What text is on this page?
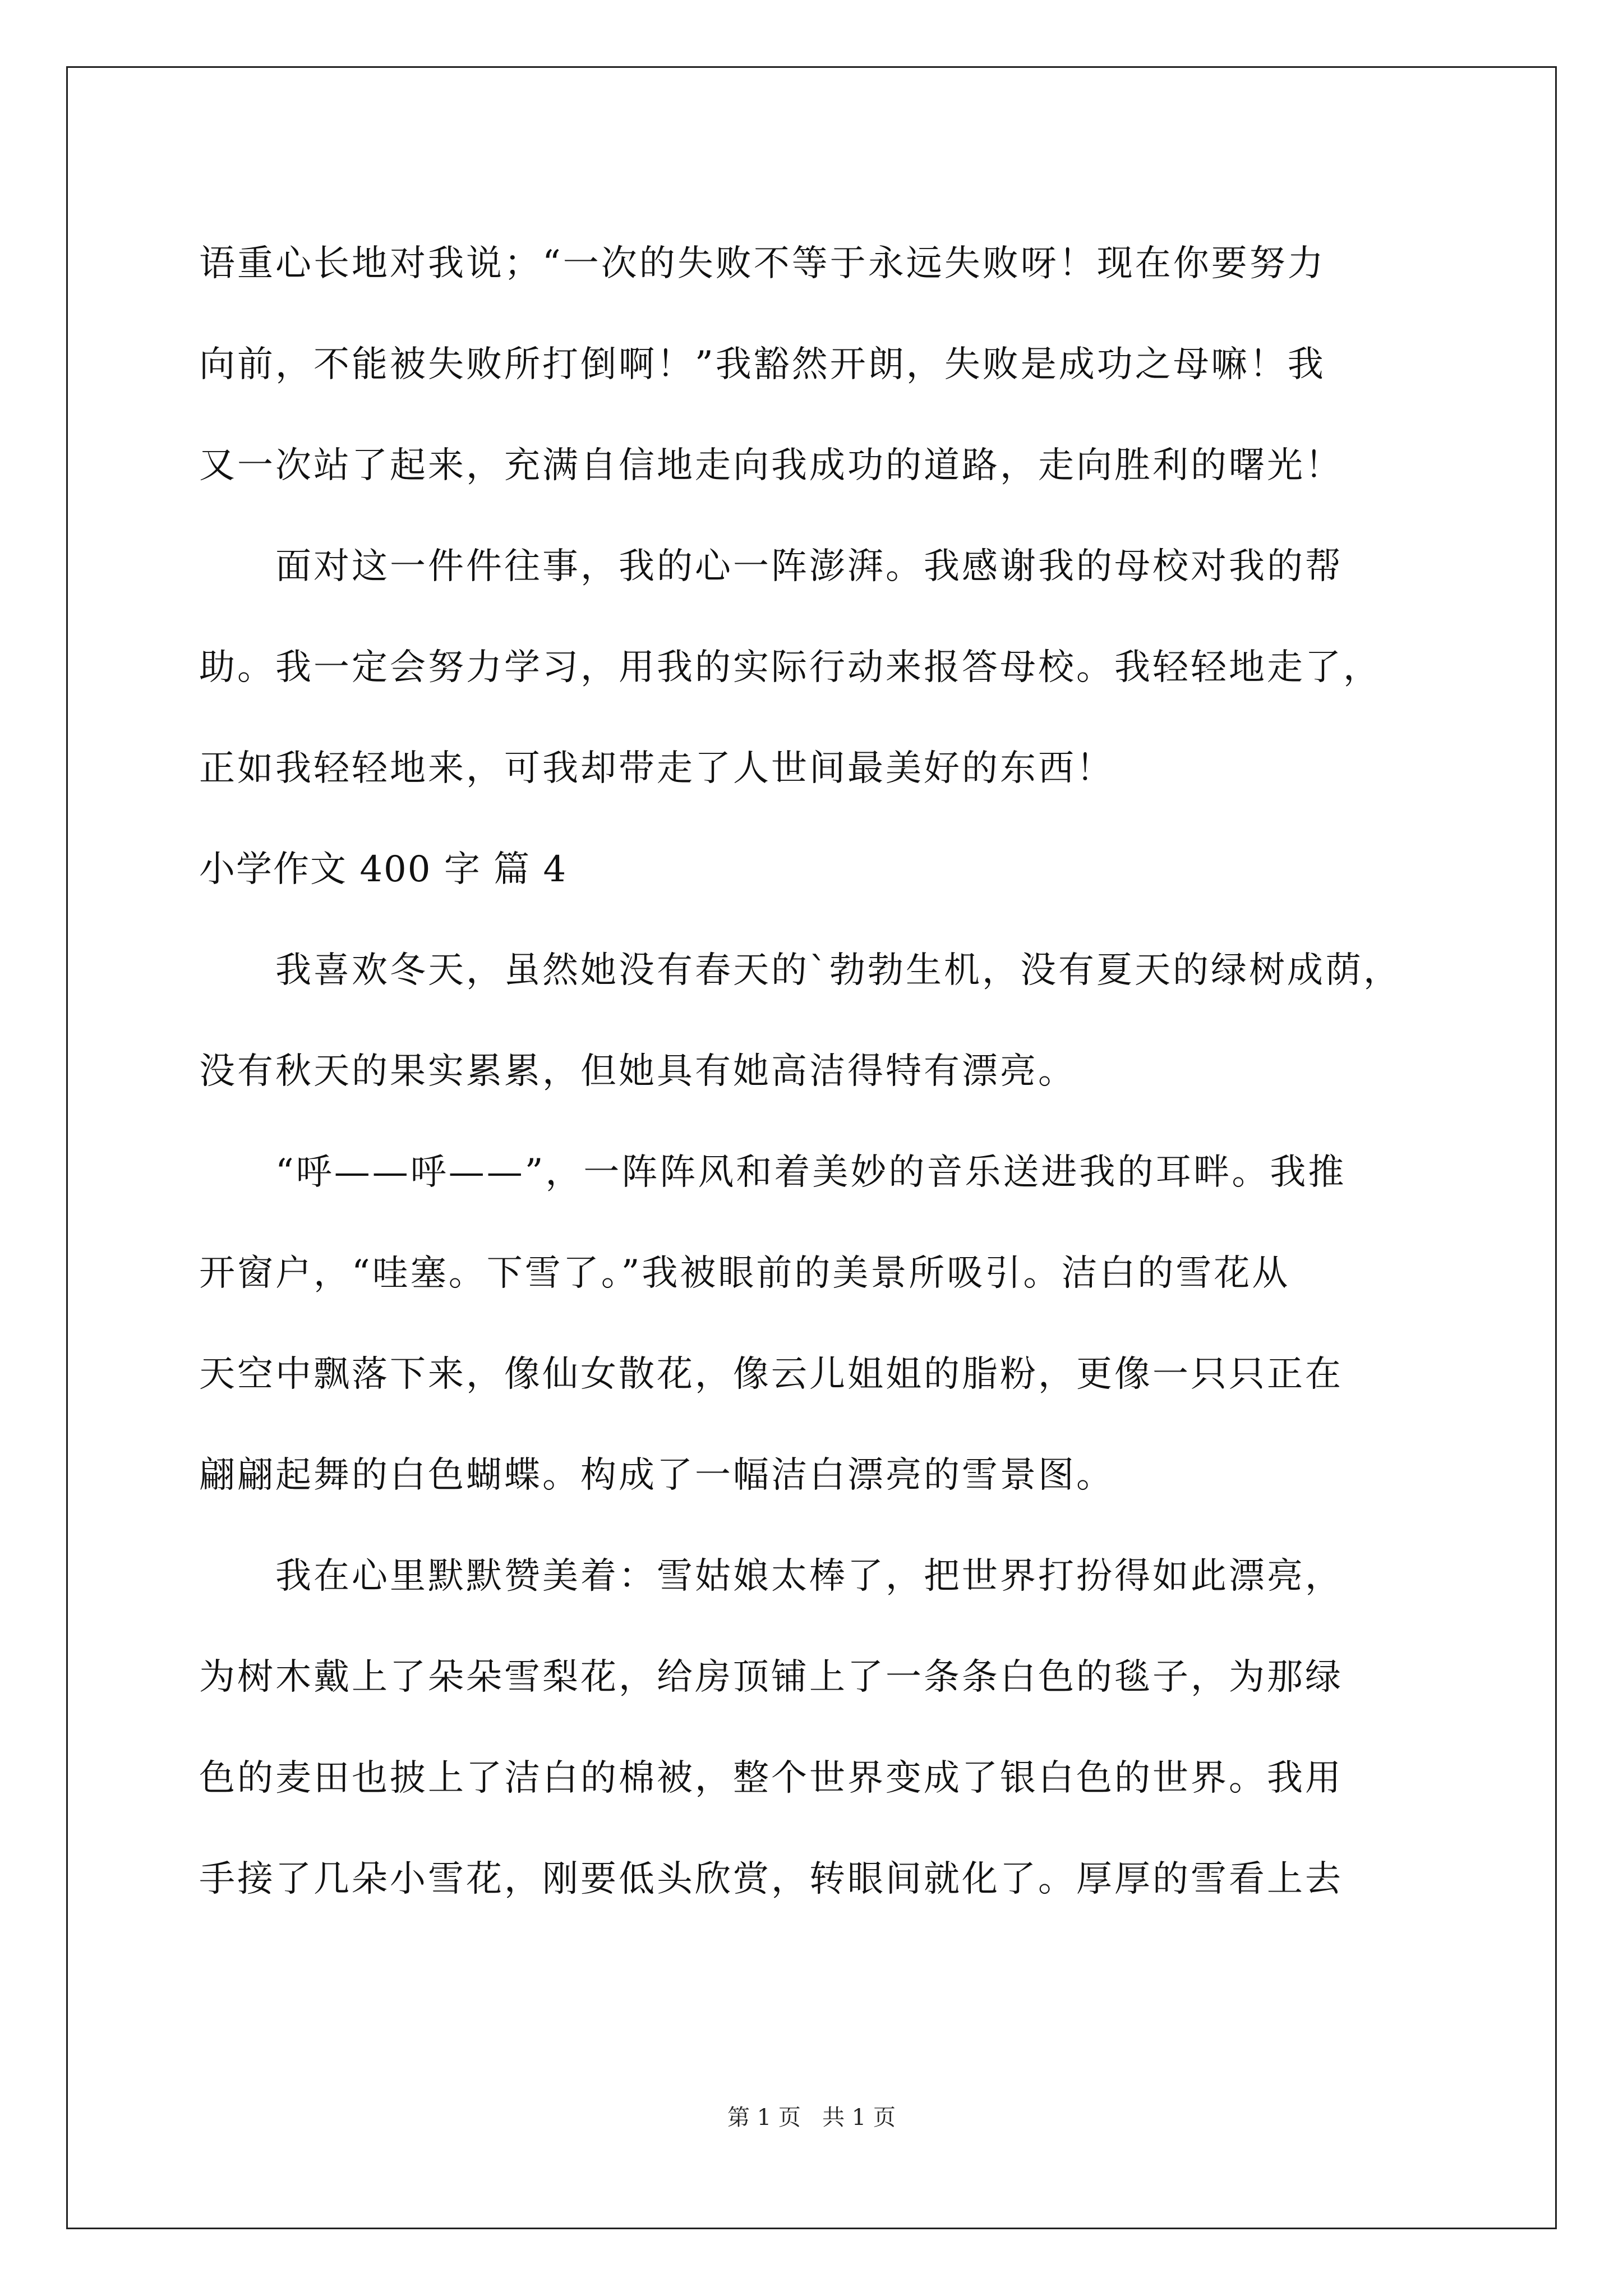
语重心长地对我说；“一次的失败不等于永远失败呀！现在你要努力
向前，不能被失败所打倒啊！”我豁然开朗，失败是成功之母嘛！我
又一次站了起来，充满自信地走向我成功的道路，走向胜利的曙光！
　　面对这一件件往事，我的心一阵澎湃。我感谢我的母校对我的帮
助。我一定会努力学习，用我的实际行动来报答母校。我轻轻地走了，
正如我轻轻地来，可我却带走了人世间最美好的东西！
小学作文 400 字 篇 4
　　我喜欢冬天，虽然她没有春天的`勃勃生机，没有夏天的绿树成荫，
没有秋天的果实累累，但她具有她高洁得特有漂亮。
　　“呼——呼——”，一阵阵风和着美妙的音乐送进我的耳畔。我推
开窗户，“哇塞。下雪了。”我被眼前的美景所吸引。洁白的雪花从
天空中飘落下来，像仙女散花，像云儿姐姐的脂粉，更像一只只正在
翩翩起舞的白色蝴蝶。构成了一幅洁白漂亮的雪景图。
　　我在心里默默赞美着：雪姑娘太棒了，把世界打扮得如此漂亮，
为树木戴上了朵朵雪梨花，给房顶铺上了一条条白色的毯子，为那绿
色的麦田也披上了洁白的棉被，整个世界变成了银白色的世界。我用
手接了几朵小雪花，刚要低头欣赏，转眼间就化了。厚厚的雪看上去
第 1 页 共 1 页
